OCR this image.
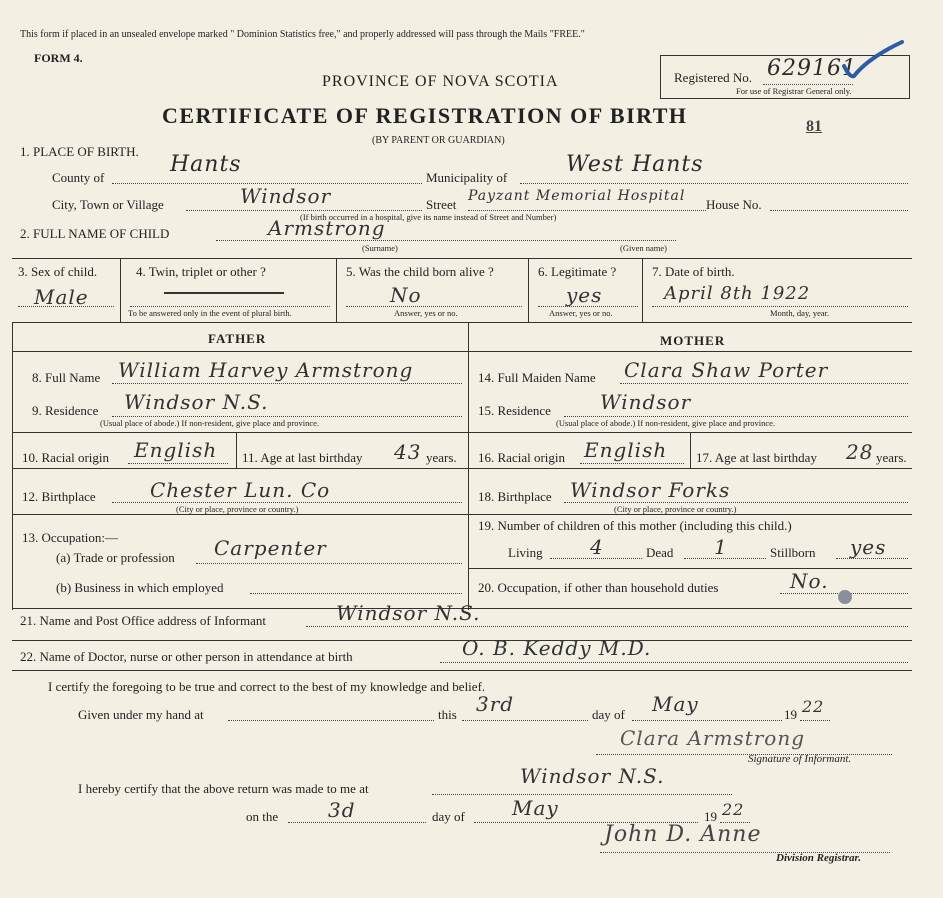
This form if placed in an unsealed envelope marked " Dominion Statistics free," and properly addressed will pass through the Mails "FREE."
FORM 4.
PROVINCE OF NOVA SCOTIA
CERTIFICATE OF REGISTRATION OF BIRTH
(BY PARENT OR GUARDIAN)
Registered No. 629161
For use of Registrar General only.
81
1. PLACE OF BIRTH.
County of
Hants
Municipality of
West Hants
City, Town or Village	Windsor	Street
Payzant Memorial Hospital
House No.
(If birth occurred in a hospital, give its name instead of Street and Number)
2. FULL NAME OF CHILD	Armstrong
(Surname)	(Given name)
3. Sex of child.
Male
4. Twin, triplet or other ?
To be answered only in the event of plural birth.
5. Was the child born alive ?
No
Answer, yes or no.
6. Legitimate ?
yes
Answer, yes or no.
7. Date of birth.
April 8th 1922
Month, day, year.
FATHER	MOTHER
8. Full Name William Harvey Armstrong
9. Residence Windsor N.S.
(Usual place of abode.) If non-resident, give place and province.
10. Racial origin English 11. Age at last birthday 43 years.
12. Birthplace	Chester Lun. Co
(City or place, province or country.)
13. Occupation:—
(a) Trade or profession Carpenter
(b) Business in which employed
14. Full Maiden Name Clara Shaw Porter
15. Residence Windsor
(Usual place of abode.) If non-resident, give place and province.
16. Racial origin English 17. Age at last birthday 28 years.
18. Birthplace Windsor Forks
(City or place, province or country.)
19. Number of children of this mother (including this child.)
Living 4	Dead 1	Stillborn yes
20. Occupation, if other than household duties	No.
21. Name and Post Office address of Informant	Windsor N.S.
22. Name of Doctor, nurse or other person in attendance at birth	O. B. Keddy M.D.
I certify the foregoing to be true and correct to the best of my knowledge and belief.
Given under my hand at	this 3rd	day of May	19 22
Clara Armstrong
Signature of Informant.
I hereby certify that the above return was made to me at
Windsor N.S.
on the 3d	day of May	19 22
John D. Anne
Division Registrar.
